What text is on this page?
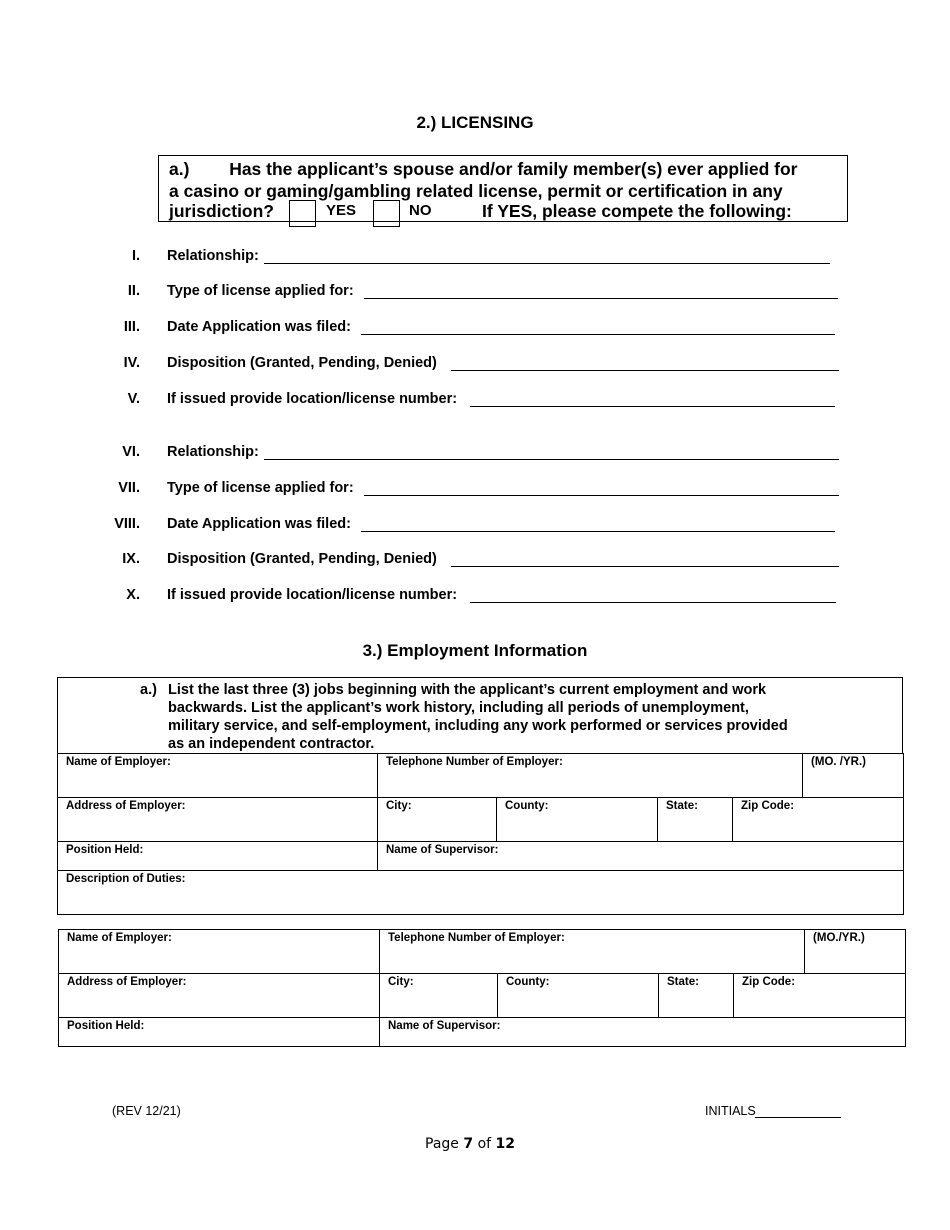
2.) LICENSING
a.) Has the applicant’s spouse and/or family member(s) ever applied for
a casino or gaming/gambling related license, permit or certification in any
jurisdiction?	YES	NO	If YES, please compete the following:
I. Relationship:
II. Type of license applied for:
III. Date Application was filed:
IV. Disposition (Granted, Pending, Denied)
V. If issued provide location/license number:
VI. Relationship:
VII. Type of license applied for:
VIII. Date Application was filed:
IX. Disposition (Granted, Pending, Denied)
X. If issued provide location/license number:
3.) Employment Information
a.) List the last three (3) jobs beginning with the applicant’s current employment and work
backwards. List the applicant’s work history, including all periods of unemployment,
military service, and self-employment, including any work performed or services provided
as an independent contractor.
Name of Employer:	Telephone Number of Employer:				(MO. /YR.)
Address of Employer:	City:	County:	State:	Zip Code:	
Position Held:	Name of Supervisor:				
Description of Duties:					
Name of Employer:	Telephone Number of Employer:				(MO./YR.)
Address of Employer:	City:	County:	State:	Zip Code:	
Position Held:	Name of Supervisor:				
(REV 12/21)	INITIALS
Page 7 of 12
